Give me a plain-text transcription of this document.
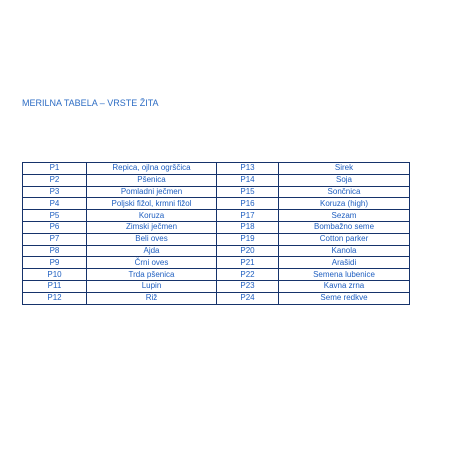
MERILNA TABELA – VRSTE ŽITA
P1	Repica, ojlna ogrščica	P13	Sirek
P2	Pšenica	P14	Soja
P3	Pomladni ječmen	P15	Sončnica
P4	Poljski fižol, krmni fižol	P16	Koruza (high)
P5	Koruza	P17	Sezam
P6	Zimski ječmen	P18	Bombažno seme
P7	Beli oves	P19	Cotton parker
P8	Ajda	P20	Kanola
P9	Črni oves	P21	Arašidi
P10	Trda pšenica	P22	Semena lubenice
P11	Lupin	P23	Kavna zrna
P12	Riž	P24	Seme redkve
